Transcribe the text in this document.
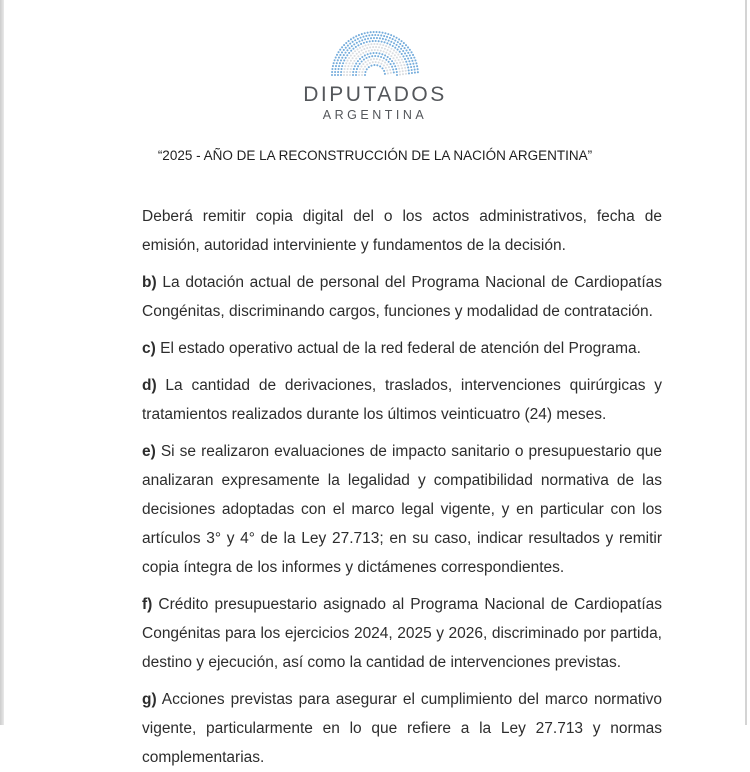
DIPUTADOS
ARGENTINA
“2025 - AÑO DE LA RECONSTRUCCIÓN DE LA NACIÓN ARGENTINA”

Deberá remitir copia digital del o los actos administrativos, fecha de emisión, autoridad interviniente y fundamentos de la decisión.

b) La dotación actual de personal del Programa Nacional de Cardiopatías Congénitas, discriminando cargos, funciones y modalidad de contratación.

c) El estado operativo actual de la red federal de atención del Programa.

d) La cantidad de derivaciones, traslados, intervenciones quirúrgicas y tratamientos realizados durante los últimos veinticuatro (24) meses.

e) Si se realizaron evaluaciones de impacto sanitario o presupuestario que analizaran expresamente la legalidad y compatibilidad normativa de las decisiones adoptadas con el marco legal vigente, y en particular con los artículos 3° y 4° de la Ley 27.713; en su caso, indicar resultados y remitir copia íntegra de los informes y dictámenes correspondientes.

f) Crédito presupuestario asignado al Programa Nacional de Cardiopatías Congénitas para los ejercicios 2024, 2025 y 2026, discriminado por partida, destino y ejecución, así como la cantidad de intervenciones previstas.

g) Acciones previstas para asegurar el cumplimiento del marco normativo vigente, particularmente en lo que refiere a la Ley 27.713 y normas complementarias.
